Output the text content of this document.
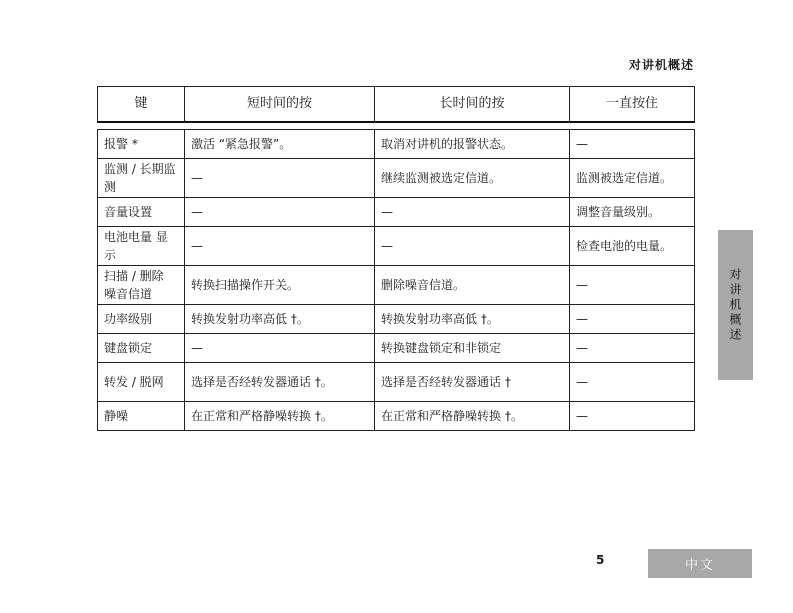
对讲机概述
键	短时间的按	长时间的按	一直按住

报警 *	激活 “紧急报警”。	取消对讲机的报警状态。	—
监测 / 长期监测	—	继续监测被选定信道。	监测被选定信道。
音量设置	—	—	调整音量级别。
电池电量 显示	—	—	检查电池的电量。
扫描 / 删除 噪音信道	转换扫描操作开关。	删除噪音信道。	—
功率级别	转换发射功率高低 †。	转换发射功率高低 †。	—
键盘锁定	—	转换键盘锁定和非锁定	—
转发 / 脱网	选择是否经转发器通话 †。	选择是否经转发器通话 †	—
静噪	在正常和严格静噪转换 †。	在正常和严格静噪转换 †。	—
对讲机概述
5	中文
